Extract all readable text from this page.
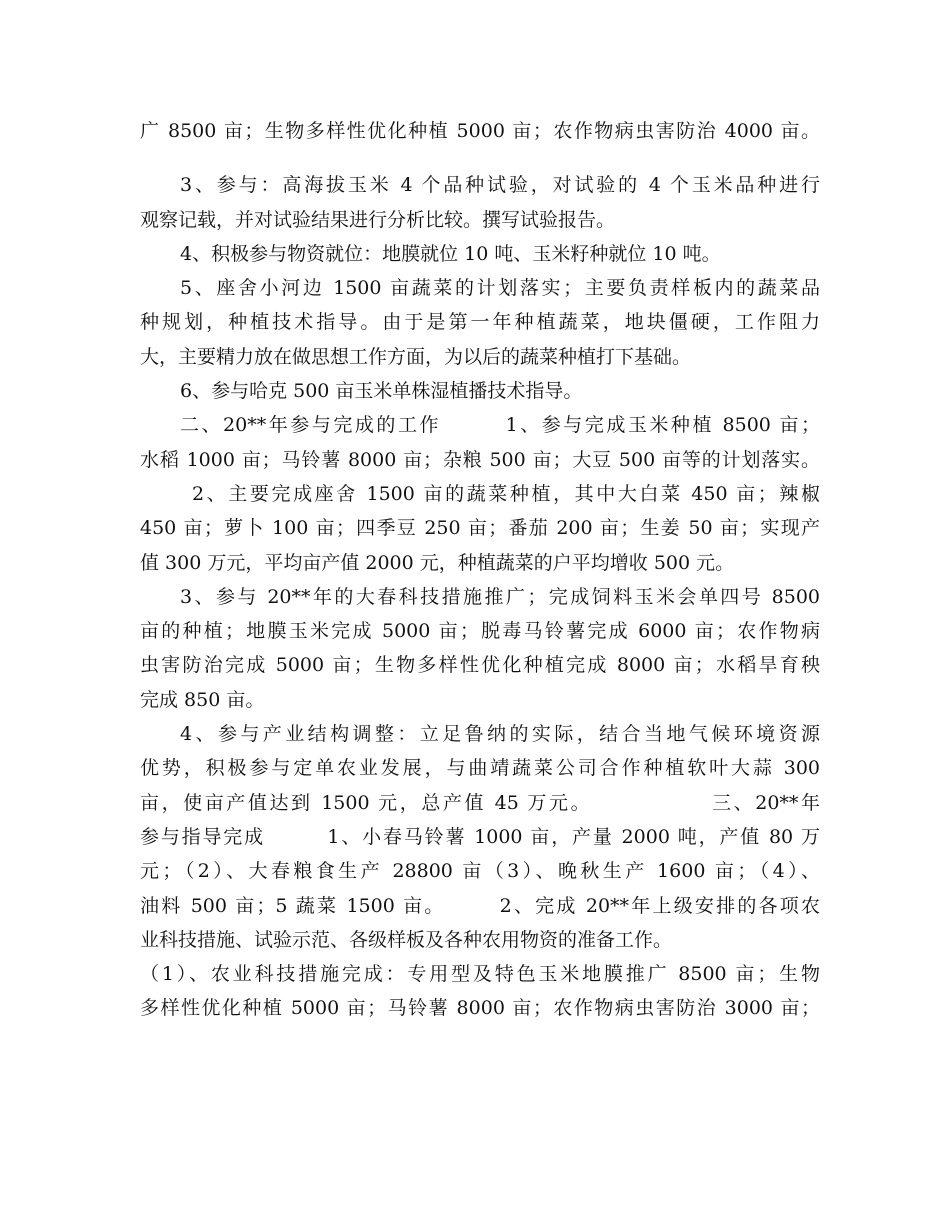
广 8500 亩；生物多样性优化种植 5000 亩；农作物病虫害防治 4000 亩。
3、参与：高海拔玉米 4 个品种试验，对试验的 4 个玉米品种进行
观察记载，并对试验结果进行分析比较。撰写试验报告。
4、积极参与物资就位：地膜就位 10 吨、玉米籽种就位 10 吨。
5、座舍小河边 1500 亩蔬菜的计划落实；主要负责样板内的蔬菜品
种规划，种植技术指导。由于是第一年种植蔬菜，地块僵硬，工作阻力
大，主要精力放在做思想工作方面，为以后的蔬菜种植打下基础。
6、参与哈克 500 亩玉米单株湿植播技术指导。
二、20**年参与完成的工作　　　1、参与完成玉米种植 8500 亩；
水稻 1000 亩；马铃薯 8000 亩；杂粮 500 亩；大豆 500 亩等的计划落实。
2、主要完成座舍 1500 亩的蔬菜种植，其中大白菜 450 亩；辣椒
450 亩；萝卜 100 亩；四季豆 250 亩；番茄 200 亩；生姜 50 亩；实现产
值 300 万元，平均亩产值 2000 元，种植蔬菜的户平均增收 500 元。
3、参与 20**年的大春科技措施推广；完成饲料玉米会单四号 8500
亩的种植；地膜玉米完成 5000 亩；脱毒马铃薯完成 6000 亩；农作物病
虫害防治完成 5000 亩；生物多样性优化种植完成 8000 亩；水稻旱育秧
完成 850 亩。
4、参与产业结构调整：立足鲁纳的实际，结合当地气候环境资源
优势，积极参与定单农业发展，与曲靖蔬菜公司合作种植软叶大蒜 300
亩，使亩产值达到 1500 元，总产值 45 万元。　　　　　　三、20**年
参与指导完成　　　1、小春马铃薯 1000 亩，产量 2000 吨，产值 80 万
元；（2）、大春粮食生产 28800 亩（3）、晚秋生产 1600 亩；（4）、
油料 500 亩；5 蔬菜 1500 亩。　　　2、完成 20**年上级安排的各项农
业科技措施、试验示范、各级样板及各种农用物资的准备工作。
（1）、农业科技措施完成：专用型及特色玉米地膜推广 8500 亩；生物
多样性优化种植 5000 亩；马铃薯 8000 亩；农作物病虫害防治 3000 亩；
